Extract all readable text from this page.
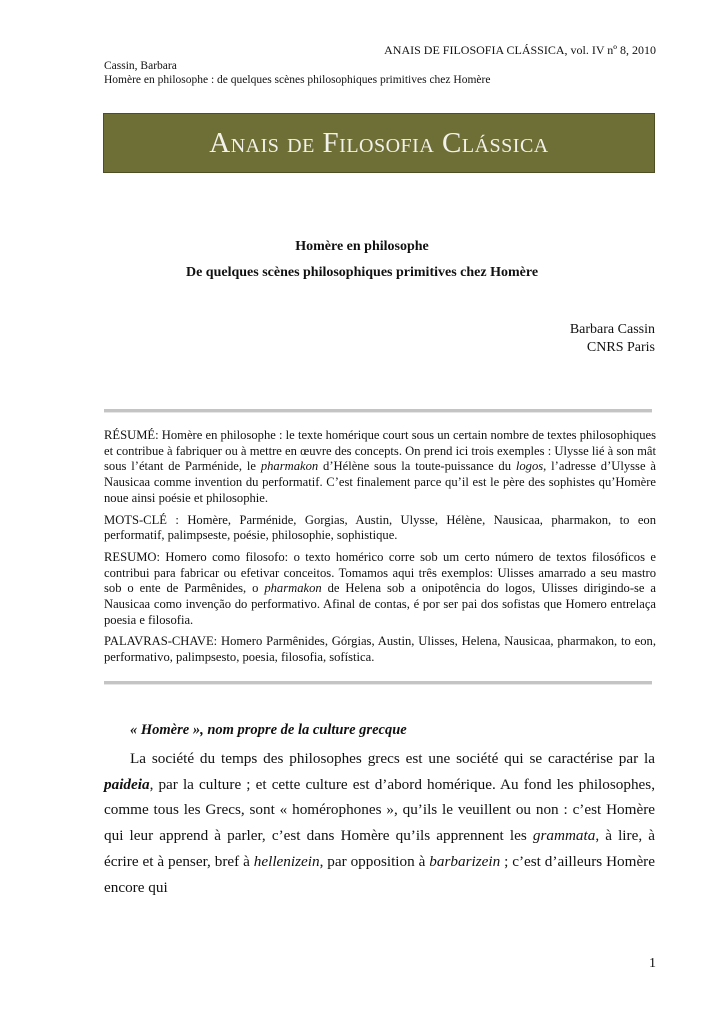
ANAIS DE FILOSOFIA CLÁSSICA, vol. IV nº 8, 2010
Cassin, Barbara
Homère en philosophe : de quelques scènes philosophiques primitives chez Homère
Anais de Filosofia Clássica
Homère en philosophe
De quelques scènes philosophiques primitives chez Homère
Barbara Cassin
CNRS Paris

RÉSUMÉ: Homère en philosophe : le texte homérique court sous un certain nombre de textes philosophiques et contribue à fabriquer ou à mettre en œuvre des concepts. On prend ici trois exemples : Ulysse lié à son mât sous l’étant de Parménide, le pharmakon d’Hélène sous la toute-puissance du logos, l’adresse d’Ulysse à Nausicaa comme invention du performatif. C’est finalement parce qu’il est le père des sophistes qu’Homère noue ainsi poésie et philosophie.

MOTS-CLÉ : Homère, Parménide, Gorgias, Austin, Ulysse, Hélène, Nausicaa, pharmakon, to eon performatif, palimpseste, poésie, philosophie, sophistique.

RESUMO: Homero como filosofo: o texto homérico corre sob um certo número de textos filosóficos e contribui para fabricar ou efetivar conceitos. Tomamos aqui três exemplos: Ulisses amarrado a seu mastro sob o ente de Parmênides, o pharmakon de Helena sob a onipotência do logos, Ulisses dirigindo-se a Nausicaa como invenção do performativo. Afinal de contas, é por ser pai dos sofistas que Homero entrelaça poesia e filosofia.

PALAVRAS-CHAVE: Homero Parmênides, Górgias, Austin, Ulisses, Helena, Nausicaa, pharmakon, to eon, performativo, palimpsesto, poesia, filosofia, sofística.

« Homère », nom propre de la culture grecque

La société du temps des philosophes grecs est une société qui se caractérise par la paideia, par la culture ; et cette culture est d’abord homérique. Au fond les philosophes, comme tous les Grecs, sont « homérophones », qu’ils le veuillent ou non : c’est Homère qui leur apprend à parler, c’est dans Homère qu’ils apprennent les grammata, à lire, à écrire et à penser, bref à hellenizein, par opposition à barbarizein ; c’est d’ailleurs Homère encore qui

1
